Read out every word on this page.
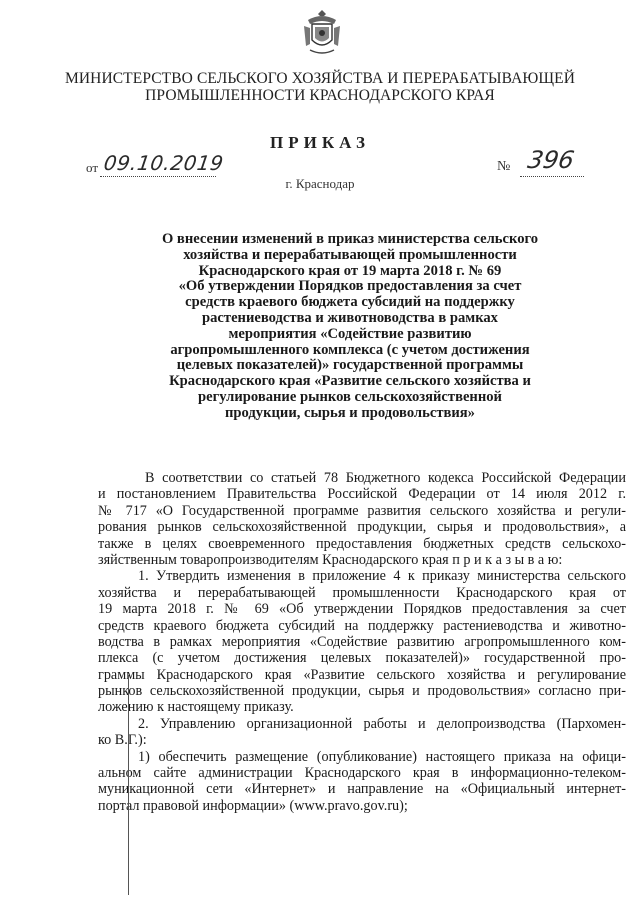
МИНИСТЕРСТВО СЕЛЬСКОГО ХОЗЯЙСТВА И ПЕРЕРАБАТЫВАЮЩЕЙ
ПРОМЫШЛЕННОСТИ КРАСНОДАРСКОГО КРАЯ
ПРИКАЗ
от 09.10.2019	№ 396
г. Краснодар
О внесении изменений в приказ министерства сельского
хозяйства и перерабатывающей промышленности
Краснодарского края от 19 марта 2018 г. № 69
«Об утверждении Порядков предоставления за счет
средств краевого бюджета субсидий на поддержку
растениеводства и животноводства в рамках
мероприятия «Содействие развитию
агропромышленного комплекса (с учетом достижения
целевых показателей)» государственной программы
Краснодарского края «Развитие сельского хозяйства и
регулирование рынков сельскохозяйственной
продукции, сырья и продовольствия»
В соответствии со статьей 78 Бюджетного кодекса Российской Федерации
и постановлением Правительства Российской Федерации от 14 июля 2012 г.
№ 717 «О Государственной программе развития сельского хозяйства и регули-
рования рынков сельскохозяйственной продукции, сырья и продовольствия», а
также в целях своевременного предоставления бюджетных средств сельскохо-
зяйственным товаропроизводителям Краснодарского края п р и к а з ы в а ю:
1. Утвердить изменения в приложение 4 к приказу министерства сельского
хозяйства и перерабатывающей промышленности Краснодарского края от
19 марта 2018 г. № 69 «Об утверждении Порядков предоставления за счет
средств краевого бюджета субсидий на поддержку растениеводства и животно-
водства в рамках мероприятия «Содействие развитию агропромышленного ком-
плекса (с учетом достижения целевых показателей)» государственной про-
граммы Краснодарского края «Развитие сельского хозяйства и регулирование
рынков сельскохозяйственной продукции, сырья и продовольствия» согласно при-
ложению к настоящему приказу.
2. Управлению организационной работы и делопроизводства (Пархомен-
ко В.Г.):
1) обеспечить размещение (опубликование) настоящего приказа на офици-
альном сайте администрации Краснодарского края в информационно-телеком-
муникационной сети «Интернет» и направление на «Официальный интернет-
портал правовой информации» (www.pravo.gov.ru);
